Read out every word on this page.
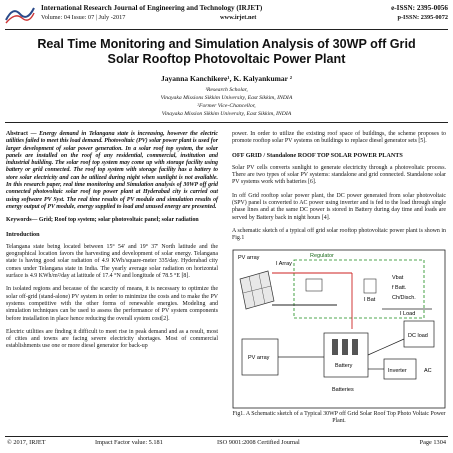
International Research Journal of Engineering and Technology (IRJET)	e-ISSN: 2395-0056
Volume: 04 Issue: 07 | July -2017	www.irjet.net	p-ISSN: 2395-0072
Real Time Monitoring and Simulation Analysis of 30WP off Grid Solar Rooftop Photovoltaic Power Plant
Jayanna Kanchikere¹, K. Kalyankumar ²
¹Research Scholar,
Vinayaka Missions Sikkim University, East Sikkim, INDIA
²Former Vice-Chancellor,
Vinayaka Mission Sikkim University, East Sikkim, INDIA

Abstract — Energy demand in Telangana state is increasing, however the electric utilities failed to meet this load demand. Photovoltaic (PV) solar power plant is used for larger development of solar power generation. In a solar roof top system, the solar panels are installed on the roof of any residential, commercial, institution and industrial building. The solar roof top system may come up with storage facility using battery or grid connected. The roof top system with storage facility has a battery to store solar electricity and can be utilized during night when sunlight is not available. In this research paper, real time monitoring and Simulation analysis of 30WP off grid connected photovoltaic solar roof top power plant at Hyderabad city is carried out using software PV Syst. The real time results of PV module and simulation results of energy output of PV module, energy supplied to load and unused energy are presented.

Keywords— Grid; Roof top system; solar photovoltaic panel; solar radiation

Introduction

Telangana state being located between 15° 54' and 19° 37' North latitude and the geographical location favors the harvesting and development of solar energy. Telangana state is having good solar radiation of 4.9 KWh/square-meter 335/day. Hyderabad city comes under Telangana state in India. The yearly average solar radiation on horizontal surface is 4.9 KWh/m²/day at latitude of 17.4 °N and longitude of 78.5 °E [8].

In isolated regions and because of the scarcity of means, it is necessary to optimize the solar off-grid (stand-alone) PV system in order to minimize the costs and to make the PV systems competitive with the other forms of renewable energies. Modeling and simulation techniques can be used to assess the performance of PV system components before installation in place hence reducing the overall system cost[2].

Electric utilities are finding it difficult to meet rise in peak demand and as a result, most of cities and towns are facing severe electricity shortages. Most of commercial establishments use one or more diesel generator for back-up

power. In order to utilize the existing roof space of buildings, the scheme proposes to promote rooftop solar PV systems on buildings to replace diesel generator sets [5].

OFF GRID / Standalone ROOF TOP SOLAR POWER PLANTS

Solar PV cells converts sunlight to generate electricity through a photovoltaic process. There are two types of solar PV systems: standalone and grid connected. Standalone solar PV systems work with batteries [6].

In off Grid rooftop solar power plant, the DC power generated from solar photovoltaic (SPV) panel is converted to AC power using inverter and is fed to the load through single phase lines and at the same DC power is stored in Battery during day time and loads are served by Battery back in night hours [4].

A schematic sketch of a typical off grid solar rooftop photovoltaic power plant is shown in Fig.1

PV array
I Array
Regulator
I Bat
Vbat
f Batt.
Ch/Disch.
PV array
Battery
Batteries
I Load
DC load
Inverter	AC
Fig1. A Schematic sketch of a Typical 30WP off Grid Solar Roof Top Photo Voltaic Power Plant.
© 2017, IRJET	Impact Factor value: 5.181	ISO 9001:2008 Certified Journal	Page 1304
